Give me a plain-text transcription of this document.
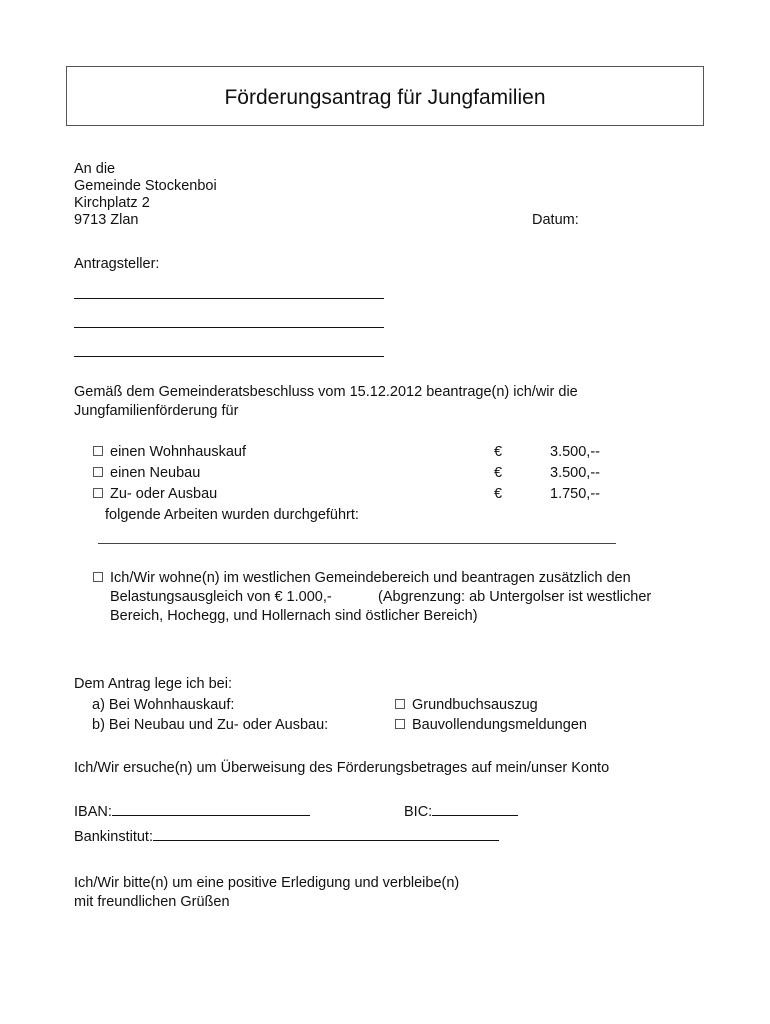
Förderungsantrag für Jungfamilien
An die
Gemeinde Stockenboi
Kirchplatz 2
9713 Zlan	Datum:
Antragsteller:
Gemäß dem Gemeinderatsbeschluss vom 15.12.2012 beantrage(n) ich/wir die
Jungfamilienförderung für
einen Wohnhauskauf	€	3.500,--
einen Neubau	€	3.500,--
Zu- oder Ausbau	€	1.750,--
folgende Arbeiten wurden durchgeführt:
Ich/Wir wohne(n) im westlichen Gemeindebereich und beantragen zusätzlich den
Belastungsausgleich von € 1.000,-	(Abgrenzung: ab Untergolser ist westlicher
Bereich, Hochegg, und Hollernach sind östlicher Bereich)
Dem Antrag lege ich bei:
a) Bei Wohnhauskauf:	Grundbuchsauszug
b) Bei Neubau und Zu- oder Ausbau:	Bauvollendungsmeldungen
Ich/Wir ersuche(n) um Überweisung des Förderungsbetrages auf mein/unser Konto
IBAN:	BIC:
Bankinstitut:
Ich/Wir bitte(n) um eine positive Erledigung und verbleibe(n)
mit freundlichen Grüßen
